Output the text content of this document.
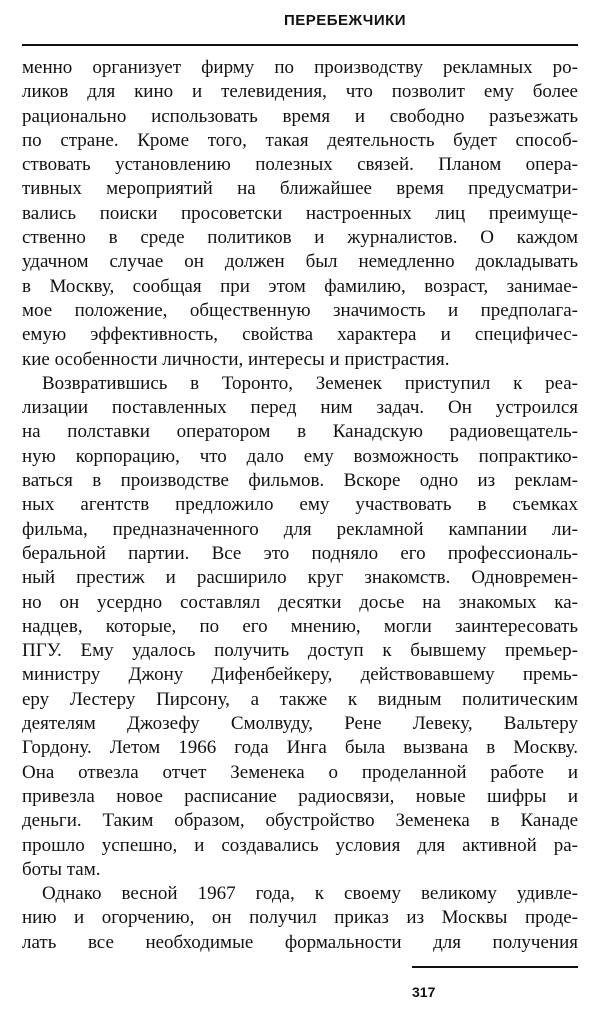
ПЕРЕБЕЖЧИКИ

менно организует фирму по производству рекламных ро-
ликов для кино и телевидения, что позволит ему более
рационально использовать время и свободно разъезжать
по стране. Кроме того, такая деятельность будет способ-
ствовать установлению полезных связей. Планом опера-
тивных мероприятий на ближайшее время предусматри-
вались поиски просоветски настроенных лиц преимуще-
ственно в среде политиков и журналистов. О каждом
удачном случае он должен был немедленно докладывать
в Москву, сообщая при этом фамилию, возраст, занимае-
мое положение, общественную значимость и предполага-
емую эффективность, свойства характера и специфичес-
кие особенности личности, интересы и пристрастия.

Возвратившись в Торонто, Земенек приступил к реа-
лизации поставленных перед ним задач. Он устроился
на полставки оператором в Канадскую радиовещатель-
ную корпорацию, что дало ему возможность попрактико-
ваться в производстве фильмов. Вскоре одно из реклам-
ных агентств предложило ему участвовать в съемках
фильма, предназначенного для рекламной кампании ли-
беральной партии. Все это подняло его профессиональ-
ный престиж и расширило круг знакомств. Одновремен-
но он усердно составлял десятки досье на знакомых ка-
надцев, которые, по его мнению, могли заинтересовать
ПГУ. Ему удалось получить доступ к бывшему премьер-
министру Джону Дифенбейкеру, действовавшему премь-
еру Лестеру Пирсону, а также к видным политическим
деятелям Джозефу Смолвуду, Рене Левеку, Вальтеру
Гордону. Летом 1966 года Инга была вызвана в Москву.
Она отвезла отчет Земенека о проделанной работе и
привезла новое расписание радиосвязи, новые шифры и
деньги. Таким образом, обустройство Земенека в Канаде
прошло успешно, и создавались условия для активной ра-
боты там.

Однако весной 1967 года, к своему великому удивле-
нию и огорчению, он получил приказ из Москвы проде-
лать все необходимые формальности для получения

317
